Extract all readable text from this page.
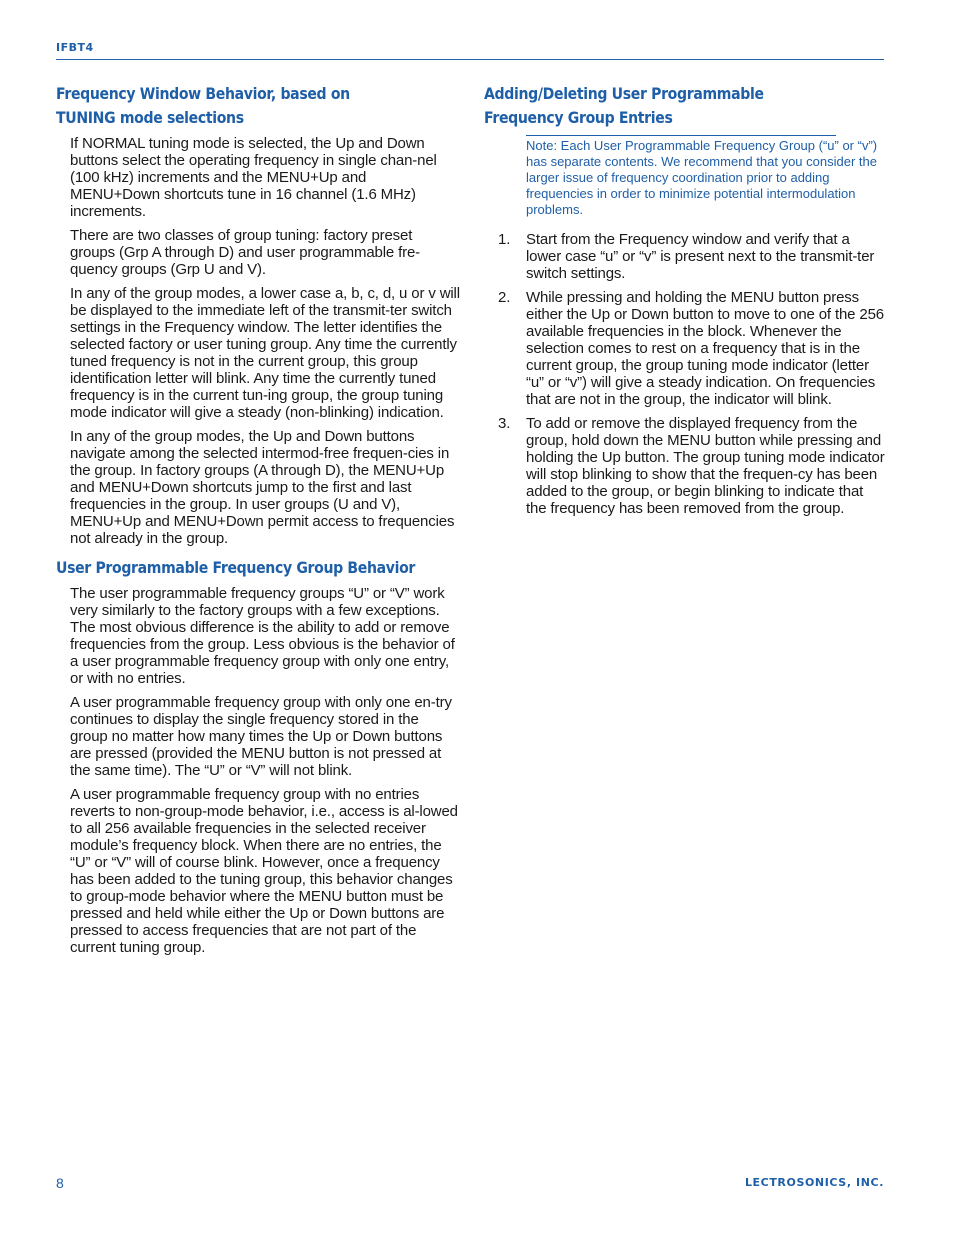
IFBT4
Frequency Window Behavior, based on
TUNING mode selections

If NORMAL tuning mode is selected, the Up and Down buttons select the operating frequency in single chan-nel (100 kHz) increments and the MENU+Up and MENU+Down shortcuts tune in 16 channel (1.6 MHz) increments.

There are two classes of group tuning: factory preset groups (Grp A through D) and user programmable fre-quency groups (Grp U and V).

In any of the group modes, a lower case a, b, c, d, u or v will be displayed to the immediate left of the transmit-ter switch settings in the Frequency window. The letter identifies the selected factory or user tuning group. Any time the currently tuned frequency is not in the current group, this group identification letter will blink. Any time the currently tuned frequency is in the current tun-ing group, the group tuning mode indicator will give a steady (non-blinking) indication.

In any of the group modes, the Up and Down buttons navigate among the selected intermod-free frequen-cies in the group. In factory groups (A through D), the MENU+Up and MENU+Down shortcuts jump to the first and last frequencies in the group. In user groups (U and V), MENU+Up and MENU+Down permit access to frequencies not already in the group.

User Programmable Frequency Group Behavior

The user programmable frequency groups “U” or “V” work very similarly to the factory groups with a few exceptions. The most obvious difference is the ability to add or remove frequencies from the group. Less obvious is the behavior of a user programmable frequency group with only one entry, or with no entries.

A user programmable frequency group with only one en-try continues to display the single frequency stored in the group no matter how many times the Up or Down buttons are pressed (provided the MENU button is not pressed at the same time). The “U” or “V” will not blink.

A user programmable frequency group with no entries reverts to non-group-mode behavior, i.e., access is al-lowed to all 256 available frequencies in the selected receiver module’s frequency block. When there are no entries, the “U” or “V” will of course blink. However, once a frequency has been added to the tuning group, this behavior changes to group-mode behavior where the MENU button must be pressed and held while either the Up or Down buttons are pressed to access frequencies that are not part of the current tuning group.

Adding/Deleting User Programmable
Frequency Group Entries
Note: Each User Programmable Frequency Group (“u” or “v”) has separate contents. We recommend that you consider the larger issue of frequency coordination prior to adding frequencies in order to minimize potential intermodulation problems.
1. Start from the Frequency window and verify that a lower case “u” or “v” is present next to the transmit-ter switch settings.
2. While pressing and holding the MENU button press either the Up or Down button to move to one of the 256 available frequencies in the block. Whenever the selection comes to rest on a frequency that is in the current group, the group tuning mode indicator (letter “u” or “v”) will give a steady indication. On frequencies that are not in the group, the indicator will blink.
3. To add or remove the displayed frequency from the group, hold down the MENU button while pressing and holding the Up button. The group tuning mode indicator will stop blinking to show that the frequen-cy has been added to the group, or begin blinking to indicate that the frequency has been removed from the group.
8	LECTROSONICS, INC.
